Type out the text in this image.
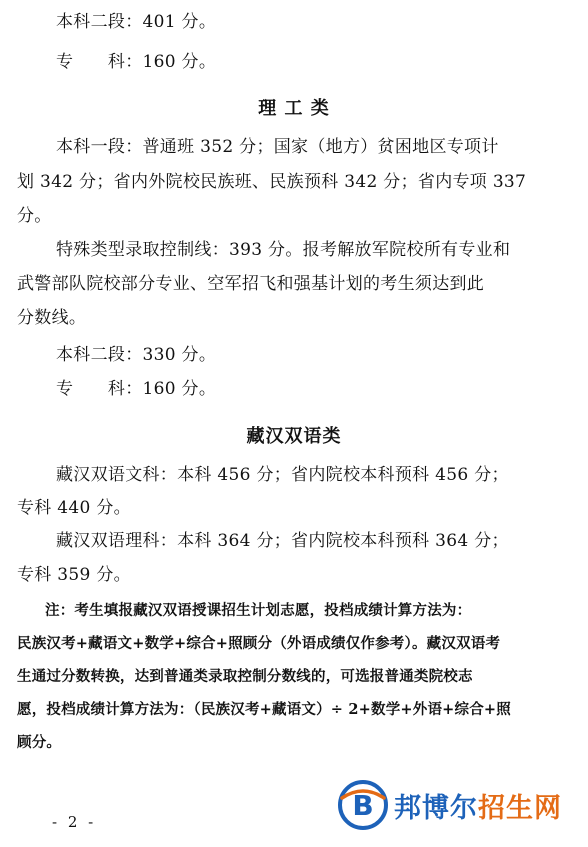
本科二段：401 分。
专　　科：160 分。
理 工 类
本科一段：普通班 352 分；国家（地方）贫困地区专项计
划 342 分；省内外院校民族班、民族预科 342 分；省内专项 337
分。
特殊类型录取控制线：393 分。报考解放军院校所有专业和
武警部队院校部分专业、空军招飞和强基计划的考生须达到此
分数线。
本科二段：330 分。
专　　科：160 分。
藏汉双语类
藏汉双语文科：本科 456 分；省内院校本科预科 456 分；
专科 440 分。
藏汉双语理科：本科 364 分；省内院校本科预科 364 分；
专科 359 分。
注：考生填报藏汉双语授课招生计划志愿，投档成绩计算方法为：
民族汉考+藏语文+数学+综合+照顾分（外语成绩仅作参考）。藏汉双语考
生通过分数转换，达到普通类录取控制分数线的，可选报普通类院校志
愿，投档成绩计算方法为：（民族汉考+藏语文）÷ 2+数学+外语+综合+照
顾分。
- 2 -	B 邦博尔招生网
